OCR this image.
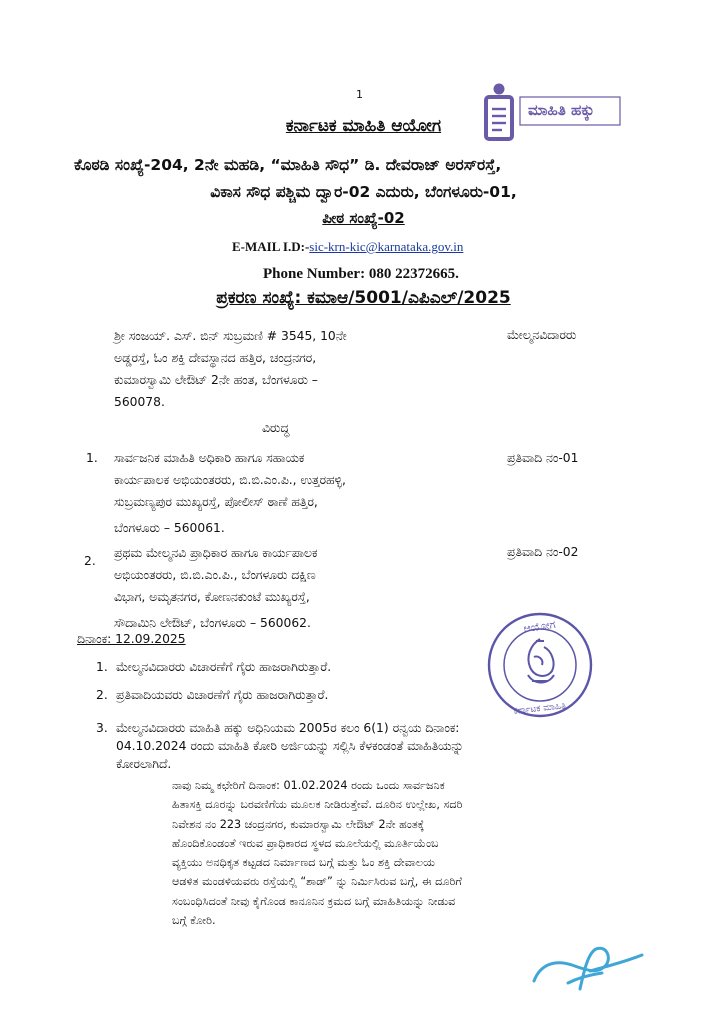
1
ಮಾಹಿತಿ ಹಕ್ಕು
ಕರ್ನಾಟಕ ಮಾಹಿತಿ ಆಯೋಗ
ಕೊಠಡಿ ಸಂಖ್ಯೆ-204, 2ನೇ ಮಹಡಿ, “ಮಾಹಿತಿ ಸೌಧ” ಡಿ. ದೇವರಾಜ್ ಅರಸ್‌ರಸ್ತೆ,
ವಿಕಾಸ ಸೌಧ ಪಶ್ಚಿಮ ದ್ವಾರ-02 ಎದುರು, ಬೆಂಗಳೂರು-01,
ಪೀಠ ಸಂಖ್ಯೆ-02
E-MAIL I.D:-sic-krn-kic@karnataka.gov.in
Phone Number: 080 22372665.
ಪ್ರಕರಣ ಸಂಖ್ಯೆ: ಕಮಾಆ/5001/ಎಪಿಎಲ್/2025
ಶ್ರೀ ಸಂಜಯ್. ಎಸ್. ಬಿನ್ ಸುಬ್ರಮಣಿ # 3545, 10ನೇ
ಅಡ್ಡರಸ್ತೆ, ಓಂ ಶಕ್ತಿ ದೇವಸ್ಥಾನದ ಹತ್ತಿರ, ಚಂದ್ರನಗರ,
ಕುಮಾರಸ್ವಾಮಿ ಲೇಔಟ್ 2ನೇ ಹಂತ, ಬೆಂಗಳೂರು –
560078.
ಮೇಲ್ಮನವಿದಾರರು
ವಿರುದ್ಧ
1. ಸಾರ್ವಜನಿಕ ಮಾಹಿತಿ ಅಧಿಕಾರಿ ಹಾಗೂ ಸಹಾಯಕ
ಕಾರ್ಯಪಾಲಕ ಅಭಿಯಂತರರು, ಬಿ.ಬಿ.ಎಂ.ಪಿ., ಉತ್ತರಹಳ್ಳಿ,
ಸುಬ್ರಮಣ್ಯಪುರ ಮುಖ್ಯರಸ್ತೆ, ಪೋಲೀಸ್ ಠಾಣೆ ಹತ್ತಿರ,
ಬೆಂಗಳೂರು – 560061.
ಪ್ರತಿವಾದಿ ನಂ-01
2.
ಪ್ರಥಮ ಮೇಲ್ಮನವಿ ಪ್ರಾಧಿಕಾರ ಹಾಗೂ ಕಾರ್ಯಪಾಲಕ
ಅಭಿಯಂತರರು, ಬಿ.ಬಿ.ಎಂ.ಪಿ., ಬೆಂಗಳೂರು ದಕ್ಷಿಣ
ವಿಭಾಗ, ಅಮೃತನಗರ, ಕೋಣನಕುಂಟೆ ಮುಖ್ಯರಸ್ತೆ,
ಸೌದಾಮಿನಿ ಲೇಔಟ್, ಬೆಂಗಳೂರು – 560062.
ಪ್ರತಿವಾದಿ ನಂ-02
ದಿನಾಂಕ: 12.09.2025
1. ಮೇಲ್ಮನವಿದಾರರು ವಿಚಾರಣೆಗೆ ಗೈರು ಹಾಜರಾಗಿರುತ್ತಾರೆ.
2. ಪ್ರತಿವಾದಿಯವರು ವಿಚಾರಣೆಗೆ ಗೈರು ಹಾಜರಾಗಿರುತ್ತಾರೆ.
3. ಮೇಲ್ಮನವಿದಾರರು ಮಾಹಿತಿ ಹಕ್ಕು ಅಧಿನಿಯಮ 2005ರ ಕಲಂ 6(1) ರನ್ವಯ ದಿನಾಂಕ:
04.10.2024 ರಂದು ಮಾಹಿತಿ ಕೋರಿ ಅರ್ಜಿಯನ್ನು ಸಲ್ಲಿಸಿ ಕೆಳಕಂಡಂತೆ ಮಾಹಿತಿಯನ್ನು
ಕೋರಲಾಗಿದೆ.
ನಾವು ನಿಮ್ಮ ಕಛೇರಿಗೆ ದಿನಾಂಕ: 01.02.2024 ರಂದು ಒಂದು ಸಾರ್ವಜನಿಕ
ಹಿತಾಸಕ್ತಿ ದೂರನ್ನು ಬರವಣಿಗೆಯ ಮೂಲಕ ನೀಡಿರುತ್ತೇವೆ. ದೂರಿನ ಉಲ್ಲೇಖ, ಸದರಿ
ನಿವೇಶನ ನಂ 223 ಚಂದ್ರನಗರ, ಕುಮಾರಸ್ವಾಮಿ ಲೇಔಟ್ 2ನೇ ಹಂತಕ್ಕೆ
ಹೊಂದಿಕೊಂಡಂತೆ ಇರುವ ಪ್ರಾಧಿಕಾರದ ಸ್ಥಳದ ಮೂಲೆಯಲ್ಲಿ ಮೂರ್ತಿಯೆಂಬ
ವ್ಯಕ್ತಿಯು ಅನಧಿಕೃತ ಕಟ್ಟಡದ ನಿರ್ಮಾಣದ ಬಗ್ಗೆ ಮತ್ತು ಓಂ ಶಕ್ತಿ ದೇವಾಲಯ
ಆಡಳಿತ ಮಂಡಳಿಯವರು ರಸ್ತೆಯಲ್ಲಿ “ಶಾಡ್” ನ್ನು ನಿರ್ಮಿಸಿರುವ ಬಗ್ಗೆ, ಈ ದೂರಿಗೆ
ಸಂಬಂಧಿಸಿದಂತೆ ನೀವು ಕೈಗೊಂಡ ಕಾನೂನಿನ ಕ್ರಮದ ಬಗ್ಗೆ ಮಾಹಿತಿಯನ್ನು ನೀಡುವ
ಬಗ್ಗೆ ಕೋರಿ.
ಆಯೋಗ
ಕರ್ನಾಟಕ ಮಾಹಿತಿ
